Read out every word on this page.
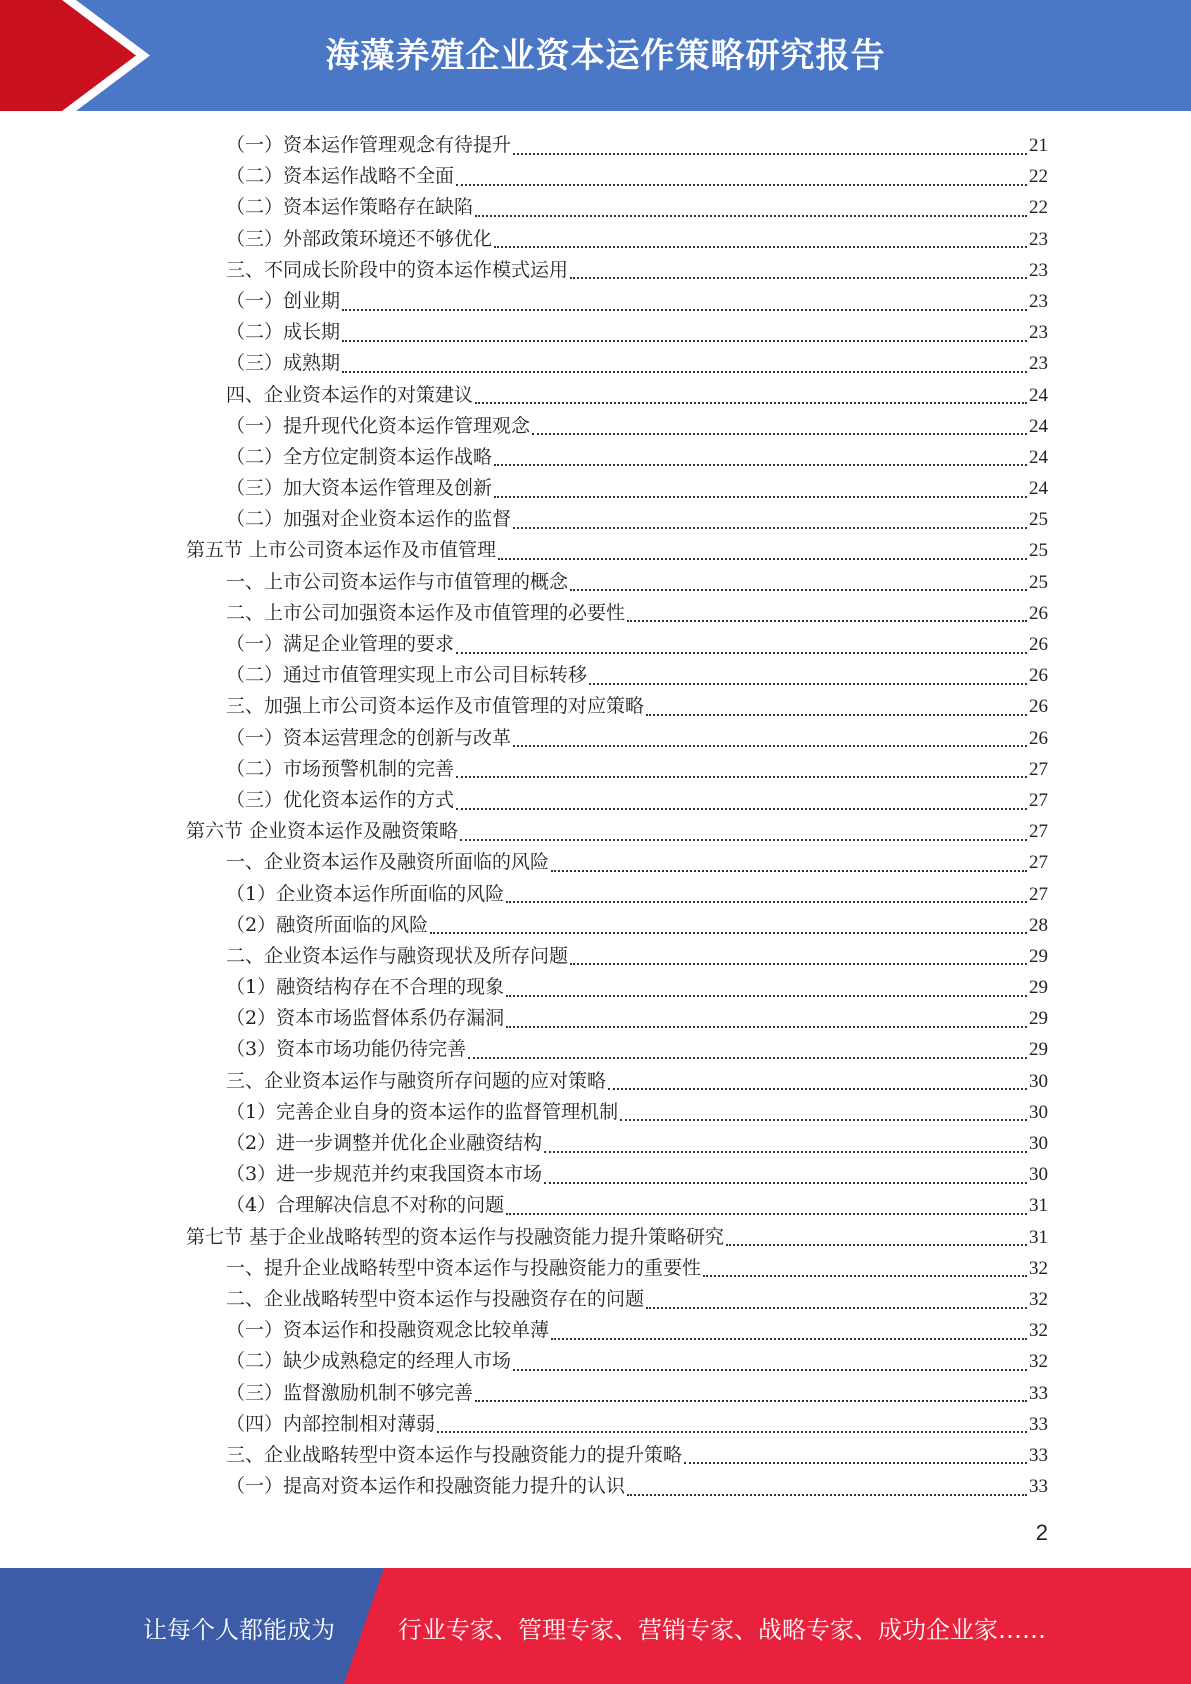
海藻养殖企业资本运作策略研究报告
（一）资本运作管理观念有待提升	21
（二）资本运作战略不全面	22
（二）资本运作策略存在缺陷	22
（三）外部政策环境还不够优化	23
三、不同成长阶段中的资本运作模式运用	23
（一）创业期	23
（二）成长期	23
（三）成熟期	23
四、企业资本运作的对策建议	24
（一）提升现代化资本运作管理观念	24
（二）全方位定制资本运作战略	24
（三）加大资本运作管理及创新	24
（二）加强对企业资本运作的监督	25
第五节 上市公司资本运作及市值管理	25
一、上市公司资本运作与市值管理的概念	25
二、上市公司加强资本运作及市值管理的必要性	26
（一）满足企业管理的要求	26
（二）通过市值管理实现上市公司目标转移	26
三、加强上市公司资本运作及市值管理的对应策略	26
（一）资本运营理念的创新与改革	26
（二）市场预警机制的完善	27
（三）优化资本运作的方式	27
第六节 企业资本运作及融资策略	27
一、企业资本运作及融资所面临的风险	27
（1）企业资本运作所面临的风险	27
（2）融资所面临的风险	28
二、企业资本运作与融资现状及所存问题	29
（1）融资结构存在不合理的现象	29
（2）资本市场监督体系仍存漏洞	29
（3）资本市场功能仍待完善	29
三、企业资本运作与融资所存问题的应对策略	30
（1）完善企业自身的资本运作的监督管理机制	30
（2）进一步调整并优化企业融资结构	30
（3）进一步规范并约束我国资本市场	30
（4）合理解决信息不对称的问题	31
第七节 基于企业战略转型的资本运作与投融资能力提升策略研究	31
一、提升企业战略转型中资本运作与投融资能力的重要性	32
二、企业战略转型中资本运作与投融资存在的问题	32
（一）资本运作和投融资观念比较单薄	32
（二）缺少成熟稳定的经理人市场	32
（三）监督激励机制不够完善	33
（四）内部控制相对薄弱	33
三、企业战略转型中资本运作与投融资能力的提升策略	33
（一）提高对资本运作和投融资能力提升的认识	33
2
让每个人都能成为	行业专家、管理专家、营销专家、战略专家、成功企业家……
